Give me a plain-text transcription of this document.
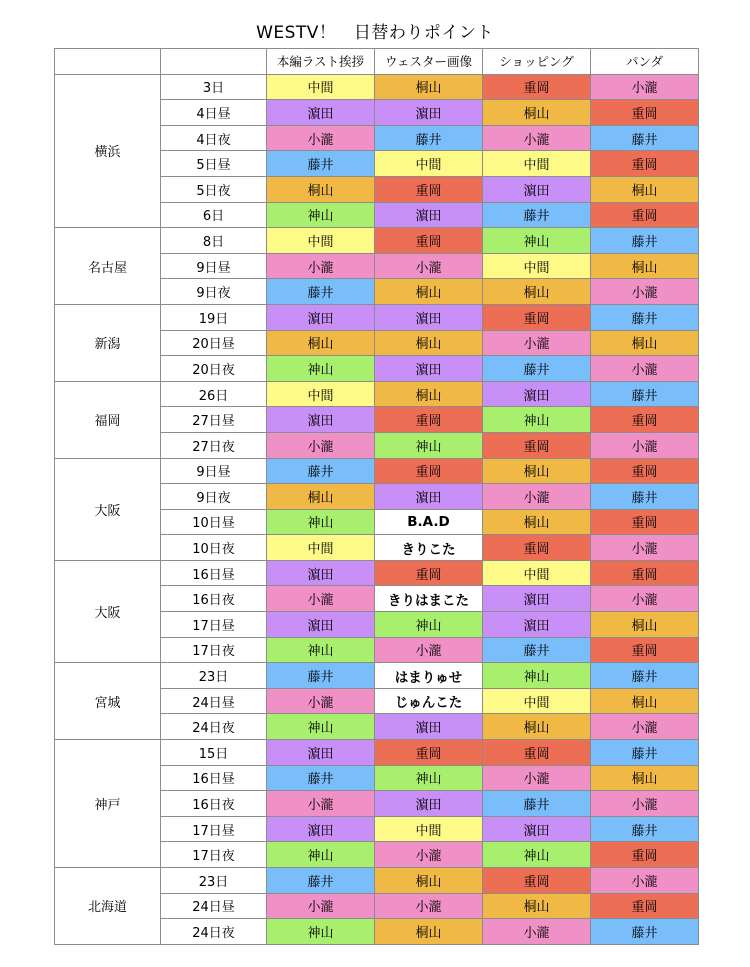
WESTV！　日替わりポイント
		本編ラスト挨拶	ウェスター画像	ショッピング	パンダ
横浜	3日	中間	桐山	重岡	小瀧
	4日昼	濵田	濵田	桐山	重岡
	4日夜	小瀧	藤井	小瀧	藤井
	5日昼	藤井	中間	中間	重岡
	5日夜	桐山	重岡	濵田	桐山
	6日	神山	濵田	藤井	重岡
名古屋	8日	中間	重岡	神山	藤井
	9日昼	小瀧	小瀧	中間	桐山
	9日夜	藤井	桐山	桐山	小瀧
新潟	19日	濵田	濵田	重岡	藤井
	20日昼	桐山	桐山	小瀧	桐山
	20日夜	神山	濵田	藤井	小瀧
福岡	26日	中間	桐山	濵田	藤井
	27日昼	濵田	重岡	神山	重岡
	27日夜	小瀧	神山	重岡	小瀧
大阪	9日昼	藤井	重岡	桐山	重岡
	9日夜	桐山	濵田	小瀧	藤井
	10日昼	神山	B.A.D	桐山	重岡
	10日夜	中間	きりこた	重岡	小瀧
大阪	16日昼	濵田	重岡	中間	重岡
	16日夜	小瀧	きりはまこた	濵田	小瀧
	17日昼	濵田	神山	濵田	桐山
	17日夜	神山	小瀧	藤井	重岡
宮城	23日	藤井	はまりゅせ	神山	藤井
	24日昼	小瀧	じゅんこた	中間	桐山
	24日夜	神山	濵田	桐山	小瀧
神戸	15日	濵田	重岡	重岡	藤井
	16日昼	藤井	神山	小瀧	桐山
	16日夜	小瀧	濵田	藤井	小瀧
	17日昼	濵田	中間	濵田	藤井
	17日夜	神山	小瀧	神山	重岡
北海道	23日	藤井	桐山	重岡	小瀧
	24日昼	小瀧	小瀧	桐山	重岡
	24日夜	神山	桐山	小瀧	藤井
